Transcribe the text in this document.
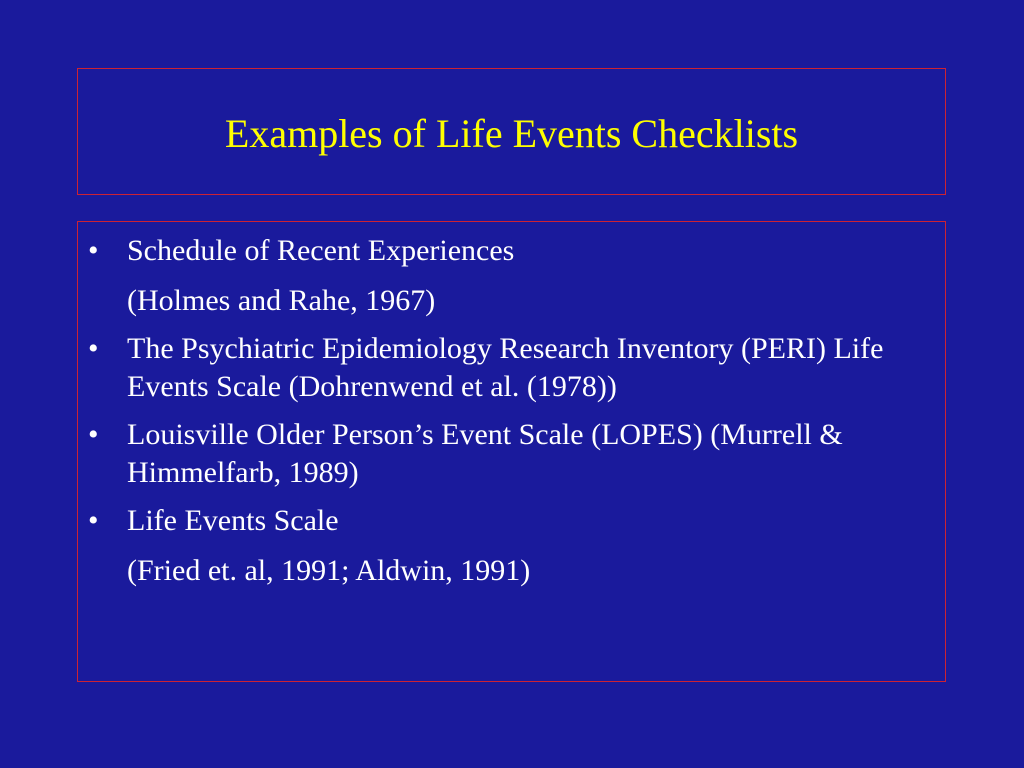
Examples of Life Events Checklists
• Schedule of Recent Experiences
(Holmes and Rahe, 1967)
• The Psychiatric Epidemiology Research Inventory (PERI) Life Events Scale (Dohrenwend et al. (1978))
• Louisville Older Person’s Event Scale (LOPES) (Murrell & Himmelfarb, 1989)
• Life Events Scale
(Fried et. al, 1991; Aldwin, 1991)
